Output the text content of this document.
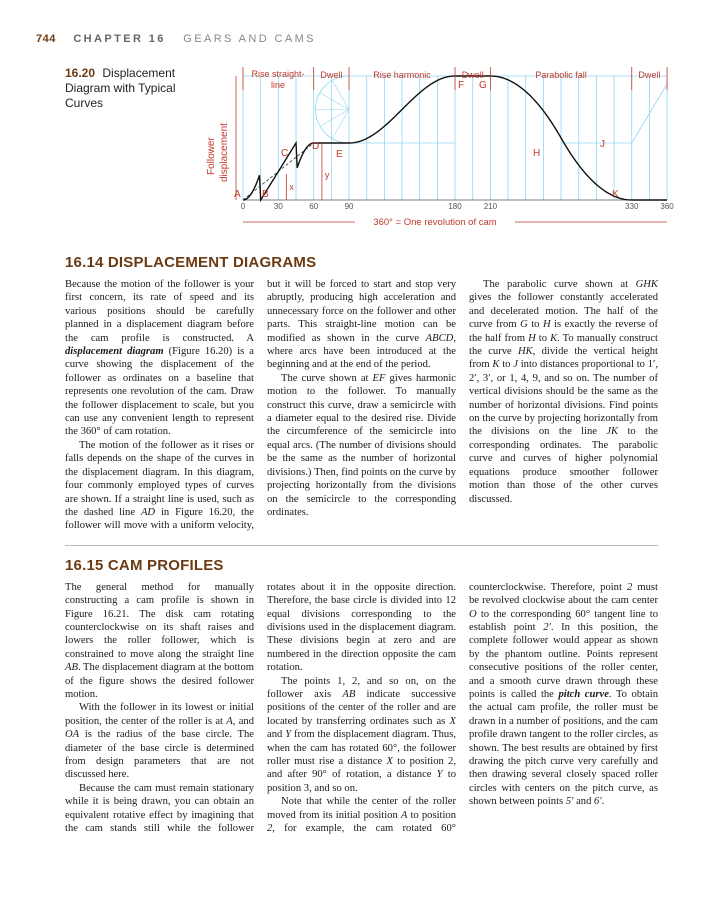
744 CHAPTER 16 GEARS AND CAMS
16.20 Displacement Diagram with Typical Curves
0	30	60	90	180	210	330	360
A B
C
D
E
F G
H
J
K
x
y
Follower displacement
Dwell	Rise harmonic	Dwell	Parabolic fall	Dwell
360° = One revolution of cam
Rise straight-line
16.14 DISPLACEMENT DIAGRAMS

Because the motion of the follower is your first concern, its rate of speed and its various positions should be carefully planned in a displacement diagram before the cam profile is constructed. A displacement diagram (Figure 16.20) is a curve showing the displacement of the follower as ordinates on a baseline that represents one revolution of the cam. Draw the follower displacement to scale, but you can use any convenient length to represent the 360° of cam rotation.

The motion of the follower as it rises or falls depends on the shape of the curves in the displacement diagram. In this diagram, four commonly employed types of curves are shown. If a straight line is used, such as the dashed line AD in Figure 16.20, the follower will move with a uniform velocity, but it will be forced to start and stop very abruptly, producing high acceleration and unnecessary force on the follower and other parts. This straight-line motion can be modified as shown in the curve ABCD, where arcs have been introduced at the beginning and at the end of the period.

The curve shown at EF gives harmonic motion to the follower. To manually construct this curve, draw a semicircle with a diameter equal to the desired rise. Divide the circumference of the semicircle into equal arcs. (The number of divisions should be the same as the number of horizontal divisions.) Then, find points on the curve by projecting horizontally from the divisions on the semicircle to the corresponding ordinates.

The parabolic curve shown at GHK gives the follower constantly accelerated and decelerated motion. The half of the curve from G to H is exactly the reverse of the half from H to K. To manually construct the curve HK, divide the vertical height from K to J into distances proportional to 1′, 2′, 3′, or 1, 4, 9, and so on. The number of vertical divisions should be the same as the number of horizontal divisions. Find points on the curve by projecting horizontally from the divisions on the line JK to the corresponding ordinates. The parabolic curve and curves of higher polynomial equations produce smoother follower motion than those of the other curves discussed.

16.15 CAM PROFILES

The general method for manually constructing a cam profile is shown in Figure 16.21. The disk cam rotating counterclockwise on its shaft raises and lowers the roller follower, which is constrained to move along the straight line AB. The displacement diagram at the bottom of the figure shows the desired follower motion.

With the follower in its lowest or initial position, the center of the roller is at A, and OA is the radius of the base circle. The diameter of the base circle is determined from design parameters that are not discussed here.

Because the cam must remain stationary while it is being drawn, you can obtain an equivalent rotative effect by imagining that the cam stands still while the follower rotates about it in the opposite direction. Therefore, the base circle is divided into 12 equal divisions corresponding to the divisions used in the displacement diagram. These divisions begin at zero and are numbered in the direction opposite the cam rotation.

The points 1, 2, and so on, on the follower axis AB indicate successive positions of the center of the roller and are located by transferring ordinates such as X and Y from the displacement diagram. Thus, when the cam has rotated 60°, the follower roller must rise a distance X to position 2, and after 90° of rotation, a distance Y to position 3, and so on.

Note that while the center of the roller moved from its initial position A to position 2, for example, the cam rotated 60° counterclockwise. Therefore, point 2 must be revolved clockwise about the cam center O to the corresponding 60° tangent line to establish point 2′. In this position, the complete follower would appear as shown by the phantom outline. Points represent consecutive positions of the roller center, and a smooth curve drawn through these points is called the pitch curve. To obtain the actual cam profile, the roller must be drawn in a number of positions, and the cam profile drawn tangent to the roller circles, as shown. The best results are obtained by first drawing the pitch curve very carefully and then drawing several closely spaced roller circles with centers on the pitch curve, as shown between points 5′ and 6′.
